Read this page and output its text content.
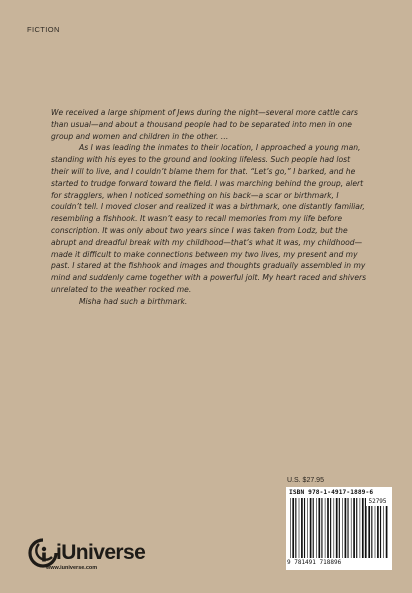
FICTION

We received a large shipment of Jews during the night—several more cattle cars than usual—and about a thousand people had to be separated into men in one group and women and children in the other. …

As I was leading the inmates to their location, I approached a young man, standing with his eyes to the ground and looking lifeless. Such people had lost their will to live, and I couldn’t blame them for that. “Let’s go,” I barked, and he started to trudge forward toward the field. I was marching behind the group, alert for stragglers, when I noticed something on his back—a scar or birthmark, I couldn’t tell. I moved closer and realized it was a birthmark, one distantly familiar, resembling a fishhook. It wasn’t easy to recall memories from my life before conscription. It was only about two years since I was taken from Lodz, but the abrupt and dreadful break with my childhood—that’s what it was, my childhood—made it difficult to make connections between my two lives, my present and my past. I stared at the fishhook and images and thoughts gradually assembled in my mind and suddenly came together with a powerful jolt. My heart raced and shivers unrelated to the weather rocked me.

Misha had such a birthmark.

U.S. $27.95
ISBN 978-1-4917-1889-6
52795
9 781491 718896
iUniverse
www.iuniverse.com
